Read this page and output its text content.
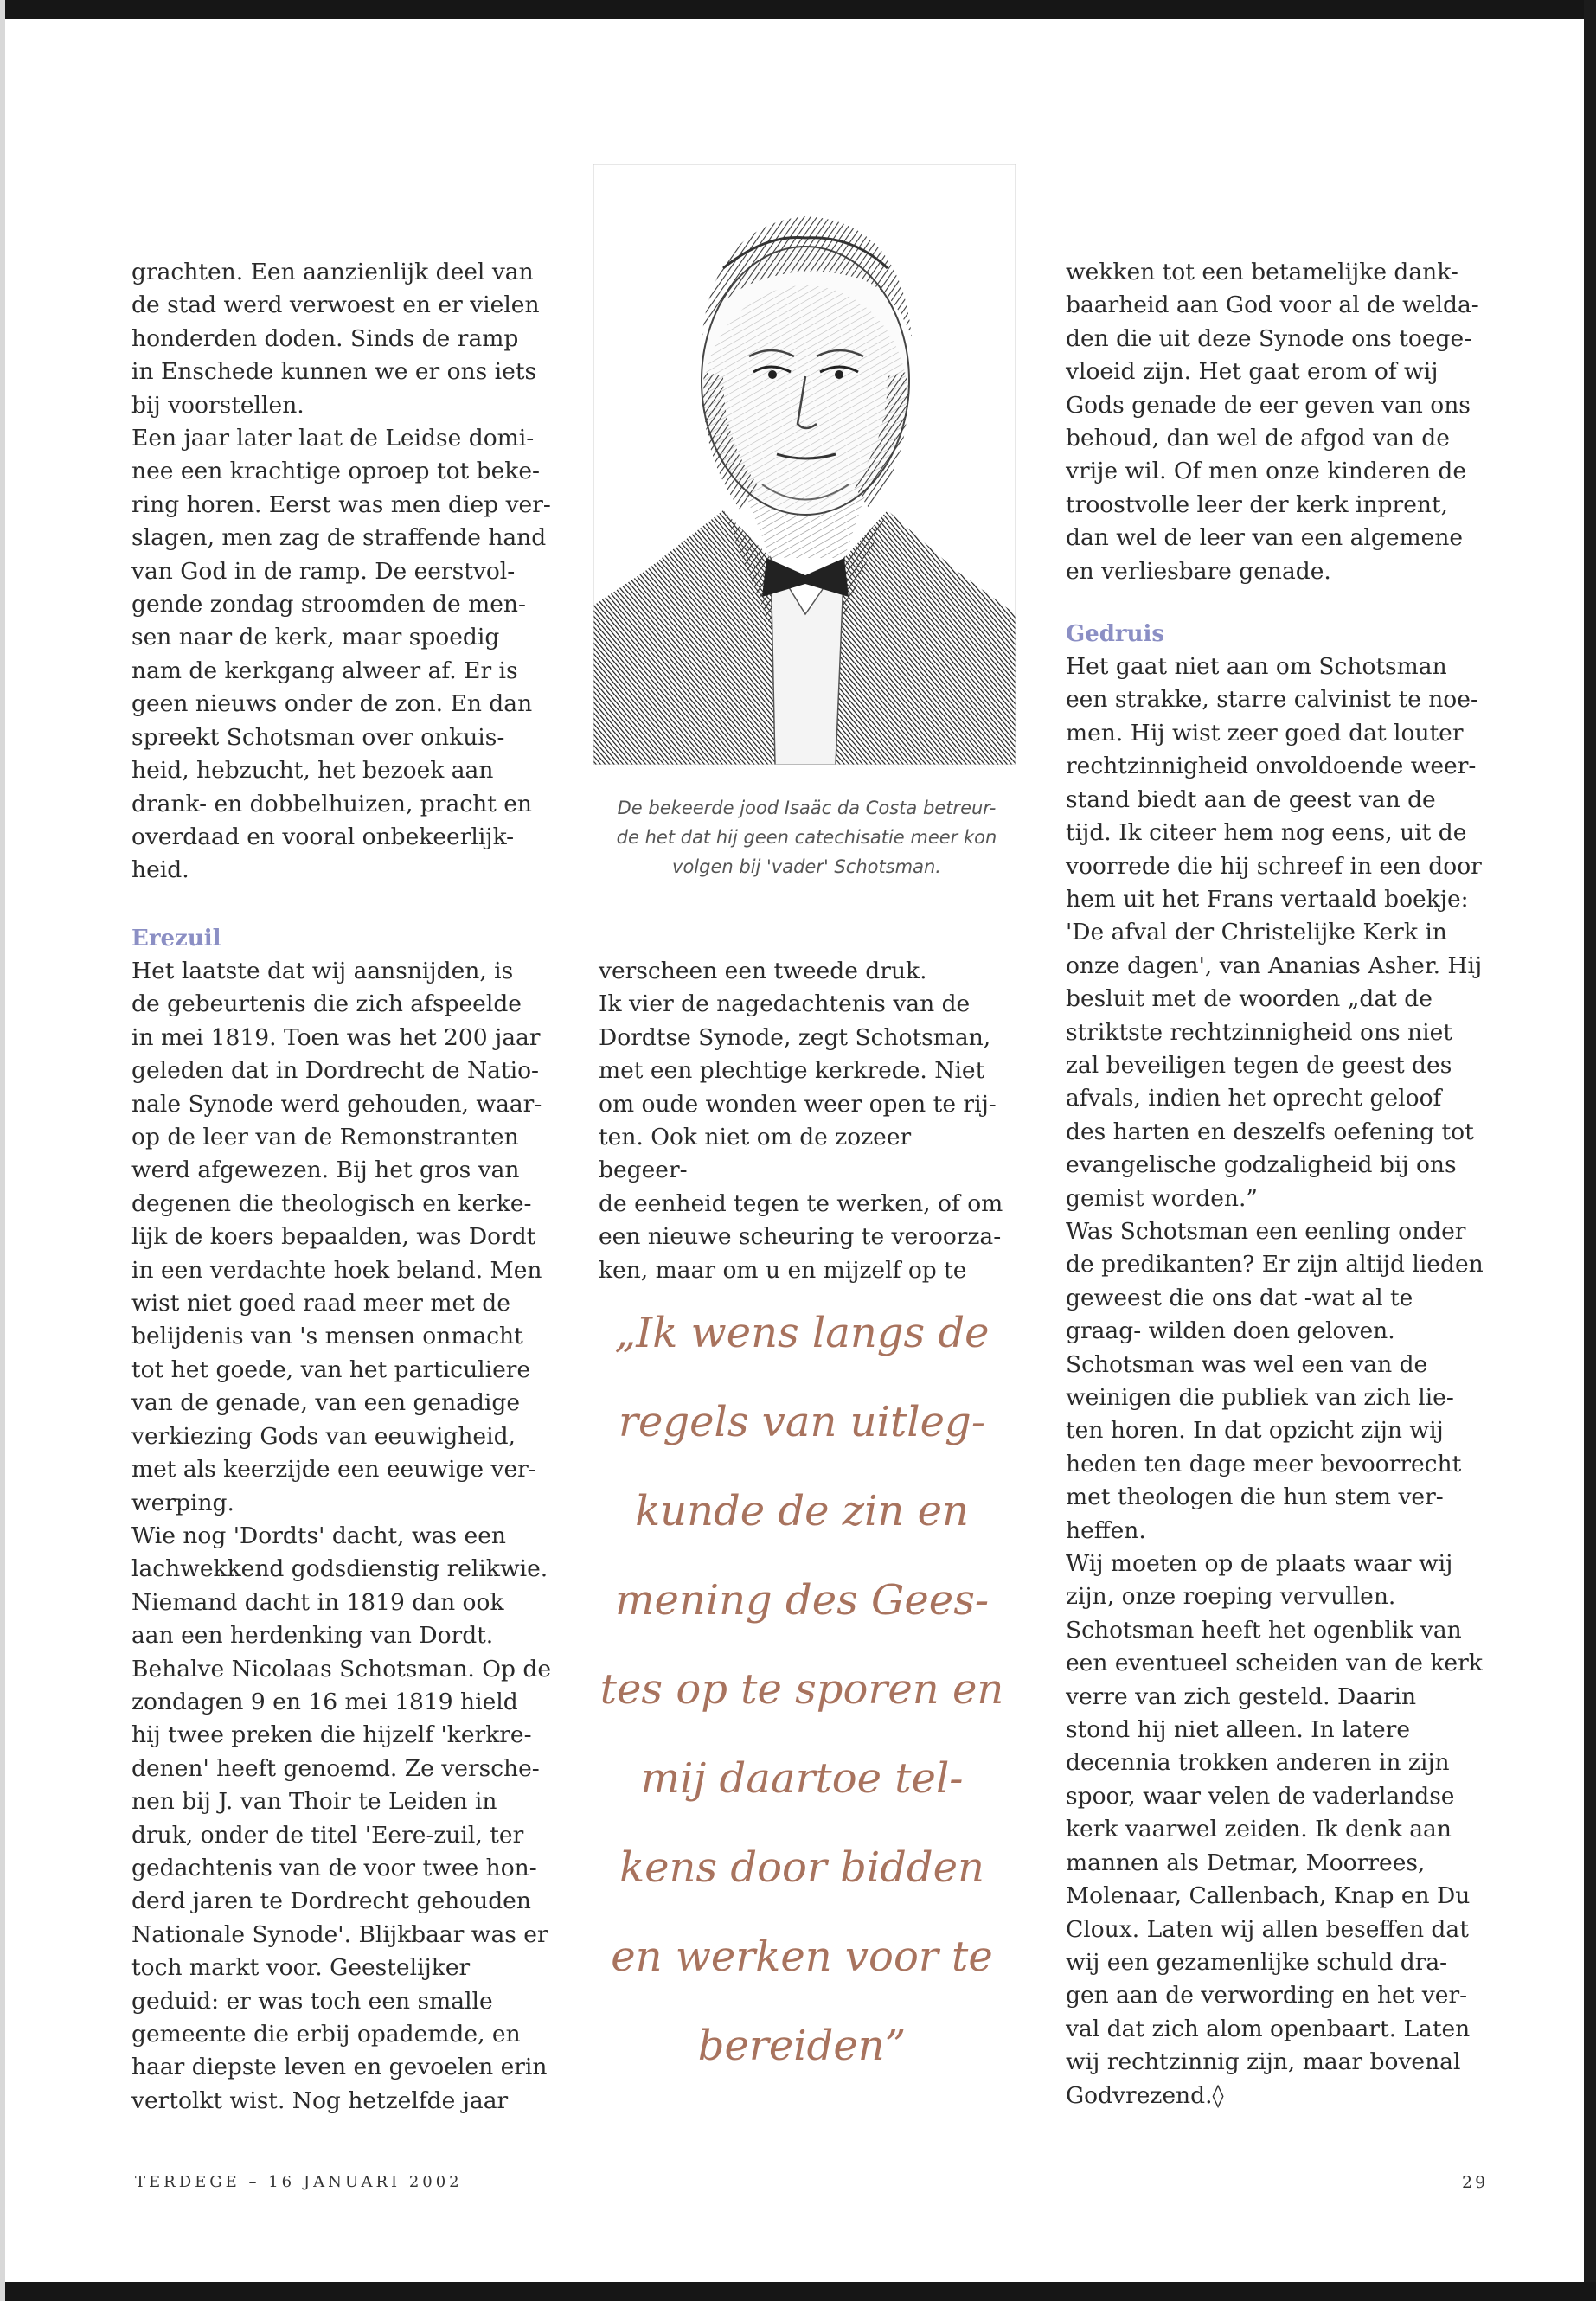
grachten. Een aanzienlijk deel van
de stad werd verwoest en er vielen
honderden doden. Sinds de ramp
in Enschede kunnen we er ons iets
bij voorstellen.

Een jaar later laat de Leidse domi-
nee een krachtige oproep tot beke-
ring horen. Eerst was men diep ver-
slagen, men zag de straffende hand
van God in de ramp. De eerstvol-
gende zondag stroomden de men-
sen naar de kerk, maar spoedig
nam de kerkgang alweer af. Er is
geen nieuws onder de zon. En dan
spreekt Schotsman over onkuis-
heid, hebzucht, het bezoek aan
drank- en dobbelhuizen, pracht en
overdaad en vooral onbekeerlijk-
heid.

Erezuil

Het laatste dat wij aansnijden, is
de gebeurtenis die zich afspeelde
in mei 1819. Toen was het 200 jaar
geleden dat in Dordrecht de Natio-
nale Synode werd gehouden, waar-
op de leer van de Remonstranten
werd afgewezen. Bij het gros van
degenen die theologisch en kerke-
lijk de koers bepaalden, was Dordt
in een verdachte hoek beland. Men
wist niet goed raad meer met de
belijdenis van 's mensen onmacht
tot het goede, van het particuliere
van de genade, van een genadige
verkiezing Gods van eeuwigheid,
met als keerzijde een eeuwige ver-
werping.

Wie nog 'Dordts' dacht, was een
lachwekkend godsdienstig relikwie.
Niemand dacht in 1819 dan ook
aan een herdenking van Dordt.
Behalve Nicolaas Schotsman. Op de
zondagen 9 en 16 mei 1819 hield
hij twee preken die hijzelf 'kerkre-
denen' heeft genoemd. Ze verschе-
nen bij J. van Thoir te Leiden in
druk, onder de titel 'Eere-zuil, ter
gedachtenis van de voor twee hon-
derd jaren te Dordrecht gehouden
Nationale Synode'. Blijkbaar was er
toch markt voor. Geestelijker
geduid: er was toch een smalle
gemeente die erbij opademde, en
haar diepste leven en gevoelen erin
vertolkt wist. Nog hetzelfde jaar

De bekeerde jood Isaäc da Costa betreur-
de het dat hij geen catechisatie meer kon
volgen bij 'vader' Schotsman.

verscheen een tweede druk.

Ik vier de nagedachtenis van de
Dordtse Synode, zegt Schotsman,
met een plechtige kerkrede. Niet
om oude wonden weer open te rij-
ten. Ook niet om de zozeer begeer-
de eenheid tegen te werken, of om
een nieuwe scheuring te veroorza-
ken, maar om u en mijzelf op te

„Ik wens langs de
regels van uitleg-
kunde de zin en
mening des Gees-
tes op te sporen en
mij daartoe tel-
kens door bidden
en werken voor te
bereiden”

wekken tot een betamelijke dank-
baarheid aan God voor al de welda-
den die uit deze Synode ons toege-
vloeid zijn. Het gaat erom of wij
Gods genade de eer geven van ons
behoud, dan wel de afgod van de
vrije wil. Of men onze kinderen de
troostvolle leer der kerk inprent,
dan wel de leer van een algemene
en verliesbare genade.

Gedruis

Het gaat niet aan om Schotsman
een strakke, starre calvinist te noe-
men. Hij wist zeer goed dat louter
rechtzinnigheid onvoldoende weer-
stand biedt aan de geest van de
tijd. Ik citeer hem nog eens, uit de
voorrede die hij schreef in een door
hem uit het Frans vertaald boekje:
'De afval der Christelijke Kerk in
onze dagen', van Ananias Asher. Hij
besluit met de woorden „dat de
striktste rechtzinnigheid ons niet
zal beveiligen tegen de geest des
afvals, indien het oprecht geloof
des harten en deszelfs oefening tot
evangelische godzaligheid bij ons
gemist worden.”

Was Schotsman een eenling onder
de predikanten? Er zijn altijd lieden
geweest die ons dat -wat al te
graag- wilden doen geloven.
Schotsman was wel een van de
weinigen die publiek van zich lie-
ten horen. In dat opzicht zijn wij
heden ten dage meer bevoorrecht
met theologen die hun stem ver-
heffen.

Wij moeten op de plaats waar wij
zijn, onze roeping vervullen.
Schotsman heeft het ogenblik van
een eventueel scheiden van de kerk
verre van zich gesteld. Daarin
stond hij niet alleen. In latere
decennia trokken anderen in zijn
spoor, waar velen de vaderlandse
kerk vaarwel zeiden. Ik denk aan
mannen als Detmar, Moorrees,
Molenaar, Callenbach, Knap en Du
Cloux. Laten wij allen beseffen dat
wij een gezamenlijke schuld dra-
gen aan de verwording en het ver-
val dat zich alom openbaart. Laten
wij rechtzinnig zijn, maar bovenal
Godvrezend.◊

TERDEGE – 16 JANUARI 2002	29
